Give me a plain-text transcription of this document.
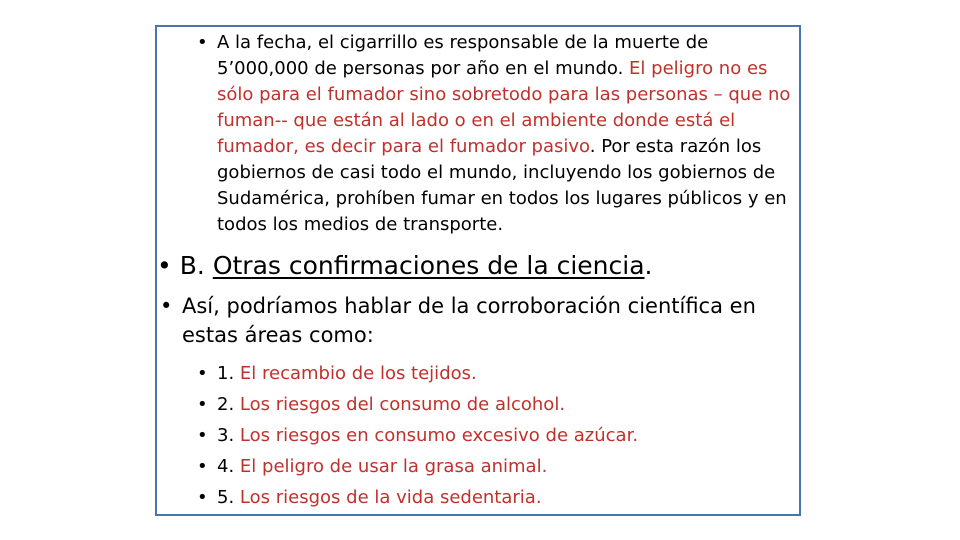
• A la fecha, el cigarrillo es responsable de la muerte de 5’000,000 de personas por año en el mundo. El peligro no es sólo para el fumador sino sobretodo para las personas – que no fuman-- que están al lado o en el ambiente donde está el fumador, es decir para el fumador pasivo. Por esta razón los gobiernos de casi todo el mundo, incluyendo los gobiernos de Sudamérica, prohíben fumar en todos los lugares públicos y en todos los medios de transporte.
• B. Otras confirmaciones de la ciencia.
• Así, podríamos hablar de la corroboración científica en estas áreas como:
• 1. El recambio de los tejidos.
• 2. Los riesgos del consumo de alcohol.
• 3. Los riesgos en consumo excesivo de azúcar.
• 4. El peligro de usar la grasa animal.
• 5. Los riesgos de la vida sedentaria.
